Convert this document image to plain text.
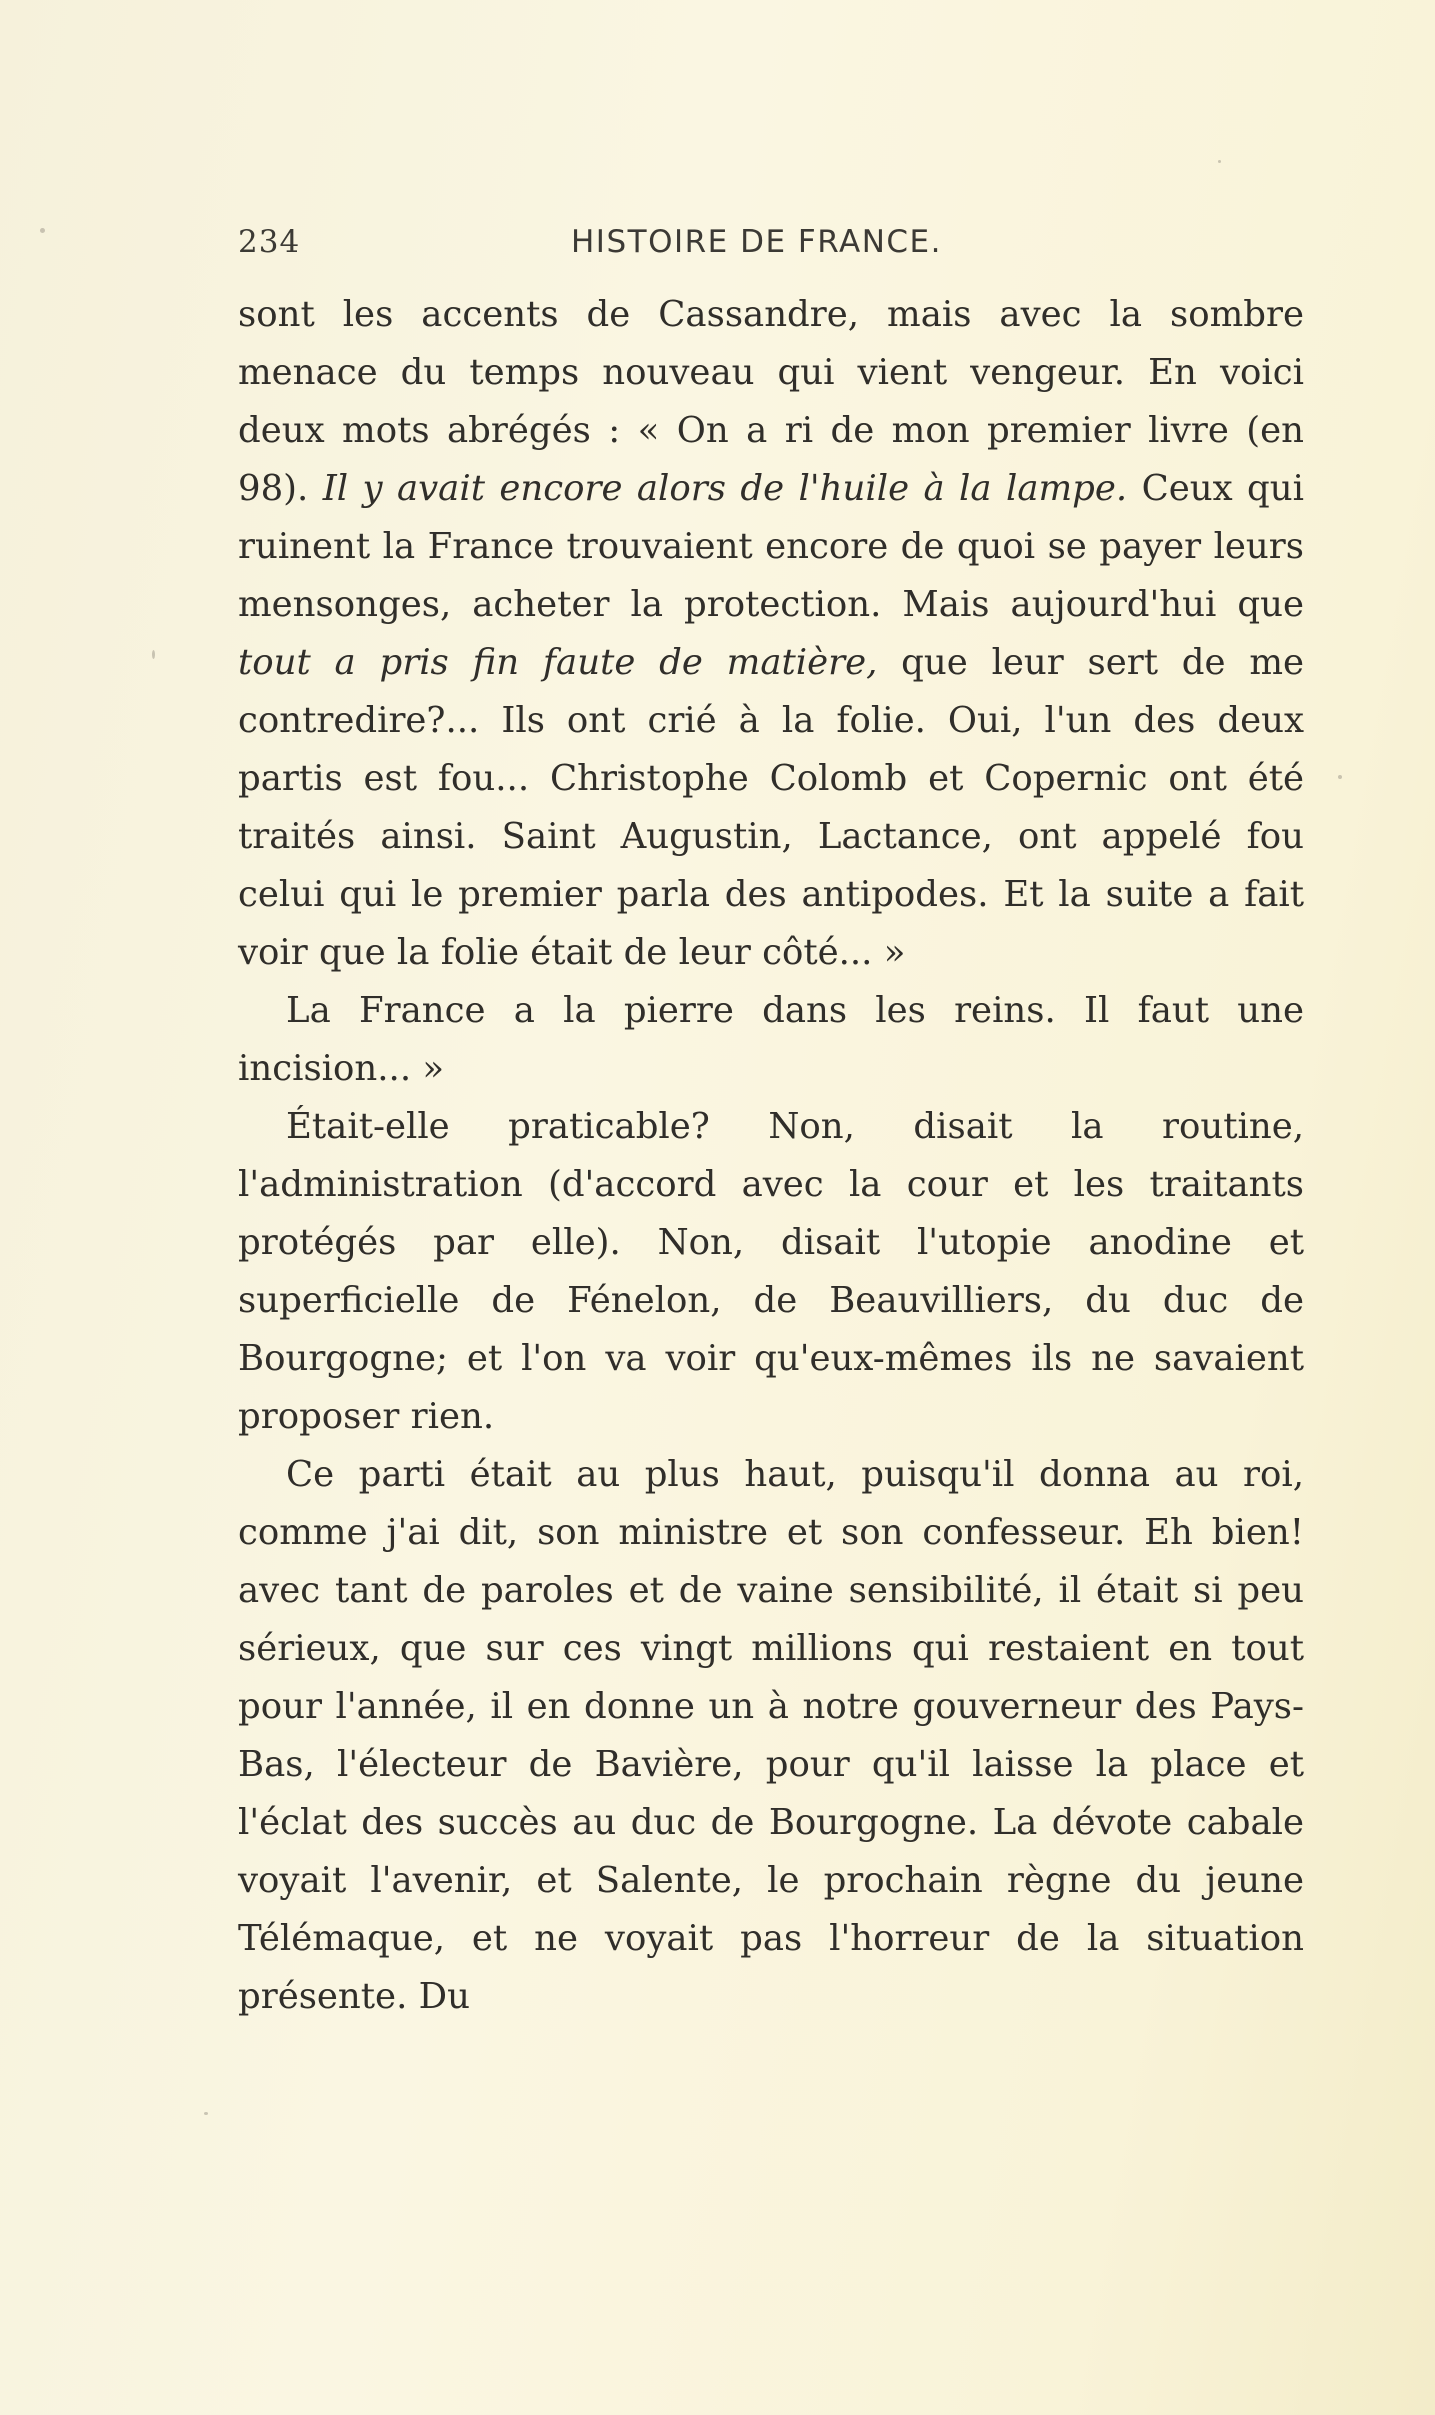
234	HISTOIRE DE FRANCE.

sont les accents de Cassandre, mais avec la sombre menace du temps nouveau qui vient vengeur. En voici deux mots abrégés : « On a ri de mon premier livre (en 98). Il y avait encore alors de l'huile à la lampe. Ceux qui ruinent la France trouvaient encore de quoi se payer leurs mensonges, acheter la protection. Mais aujourd'hui que tout a pris fin faute de matière, que leur sert de me contredire?... Ils ont crié à la folie. Oui, l'un des deux partis est fou... Christophe Colomb et Copernic ont été traités ainsi. Saint Augustin, Lactance, ont appelé fou celui qui le premier parla des antipodes. Et la suite a fait voir que la folie était de leur côté... »

La France a la pierre dans les reins. Il faut une incision... »

Était-elle praticable? Non, disait la routine, l'administration (d'accord avec la cour et les traitants protégés par elle). Non, disait l'utopie anodine et superficielle de Fénelon, de Beauvilliers, du duc de Bourgogne; et l'on va voir qu'eux-mêmes ils ne savaient proposer rien.

Ce parti était au plus haut, puisqu'il donna au roi, comme j'ai dit, son ministre et son confesseur. Eh bien! avec tant de paroles et de vaine sensibilité, il était si peu sérieux, que sur ces vingt millions qui restaient en tout pour l'année, il en donne un à notre gouverneur des Pays-Bas, l'électeur de Bavière, pour qu'il laisse la place et l'éclat des succès au duc de Bourgogne. La dévote cabale voyait l'avenir, et Salente, le prochain règne du jeune Télémaque, et ne voyait pas l'horreur de la situation présente. Du
